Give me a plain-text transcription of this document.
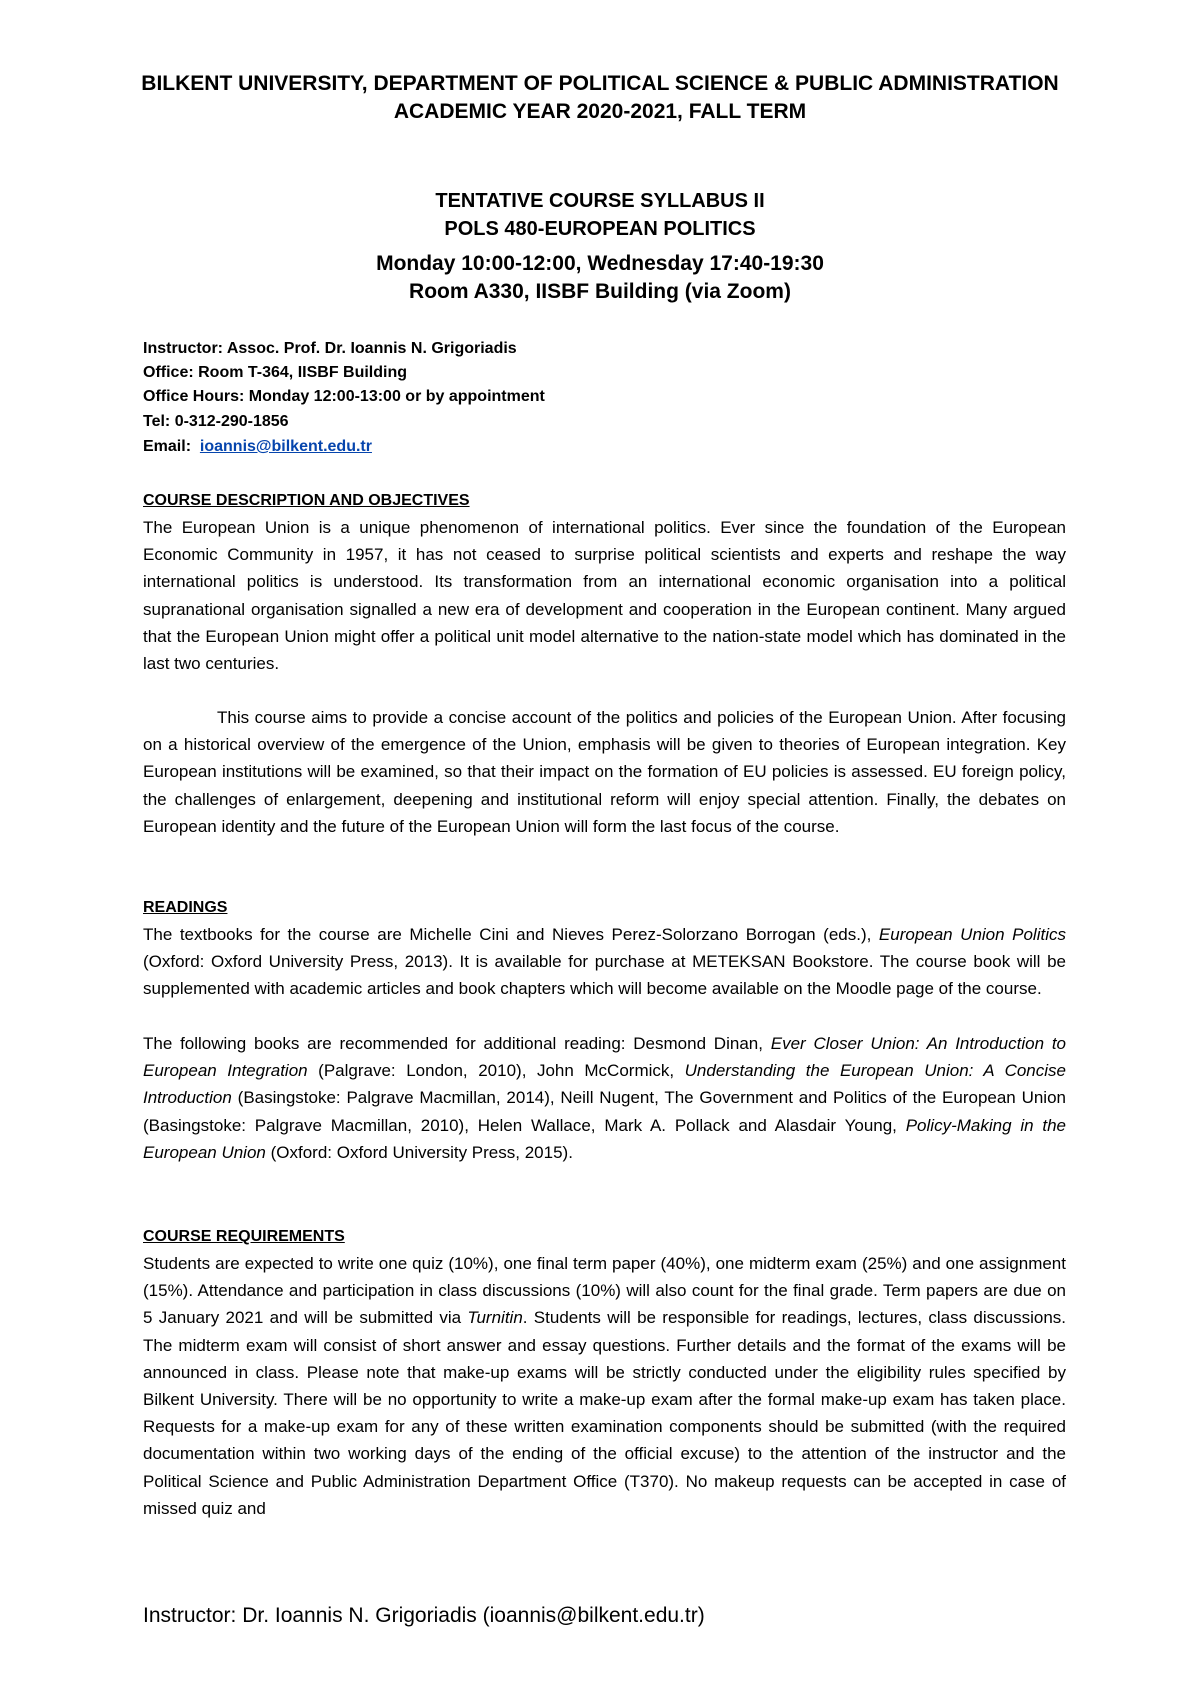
BILKENT UNIVERSITY, DEPARTMENT OF POLITICAL SCIENCE & PUBLIC ADMINISTRATION
ACADEMIC YEAR 2020-2021, FALL TERM
TENTATIVE COURSE SYLLABUS II
POLS 480-EUROPEAN POLITICS
Monday 10:00-12:00, Wednesday 17:40-19:30
Room A330, IISBF Building (via Zoom)
Instructor: Assoc. Prof. Dr. Ioannis N. Grigoriadis
Office: Room T-364, IISBF Building
Office Hours: Monday 12:00-13:00 or by appointment
Tel: 0-312-290-1856
Email: ioannis@bilkent.edu.tr
COURSE DESCRIPTION AND OBJECTIVES

The European Union is a unique phenomenon of international politics. Ever since the foundation of the European Economic Community in 1957, it has not ceased to surprise political scientists and experts and reshape the way international politics is understood. Its transformation from an international economic organisation into a political supranational organisation signalled a new era of development and cooperation in the European continent. Many argued that the European Union might offer a political unit model alternative to the nation-state model which has dominated in the last two centuries.

This course aims to provide a concise account of the politics and policies of the European Union. After focusing on a historical overview of the emergence of the Union, emphasis will be given to theories of European integration. Key European institutions will be examined, so that their impact on the formation of EU policies is assessed. EU foreign policy, the challenges of enlargement, deepening and institutional reform will enjoy special attention. Finally, the debates on European identity and the future of the European Union will form the last focus of the course.

READINGS

The textbooks for the course are Michelle Cini and Nieves Perez-Solorzano Borrogan (eds.), European Union Politics (Oxford: Oxford University Press, 2013). It is available for purchase at METEKSAN Bookstore. The course book will be supplemented with academic articles and book chapters which will become available on the Moodle page of the course.

The following books are recommended for additional reading: Desmond Dinan, Ever Closer Union: An Introduction to European Integration (Palgrave: London, 2010), John McCormick, Understanding the European Union: A Concise Introduction (Basingstoke: Palgrave Macmillan, 2014), Neill Nugent, The Government and Politics of the European Union (Basingstoke: Palgrave Macmillan, 2010), Helen Wallace, Mark A. Pollack and Alasdair Young, Policy-Making in the European Union (Oxford: Oxford University Press, 2015).

COURSE REQUIREMENTS

Students are expected to write one quiz (10%), one final term paper (40%), one midterm exam (25%) and one assignment (15%). Attendance and participation in class discussions (10%) will also count for the final grade. Term papers are due on 5 January 2021 and will be submitted via Turnitin. Students will be responsible for readings, lectures, class discussions. The midterm exam will consist of short answer and essay questions. Further details and the format of the exams will be announced in class. Please note that make-up exams will be strictly conducted under the eligibility rules specified by Bilkent University. There will be no opportunity to write a make-up exam after the formal make-up exam has taken place. Requests for a make-up exam for any of these written examination components should be submitted (with the required documentation within two working days of the ending of the official excuse) to the attention of the instructor and the Political Science and Public Administration Department Office (T370). No makeup requests can be accepted in case of missed quiz and

Instructor: Dr. Ioannis N. Grigoriadis (ioannis@bilkent.edu.tr)
